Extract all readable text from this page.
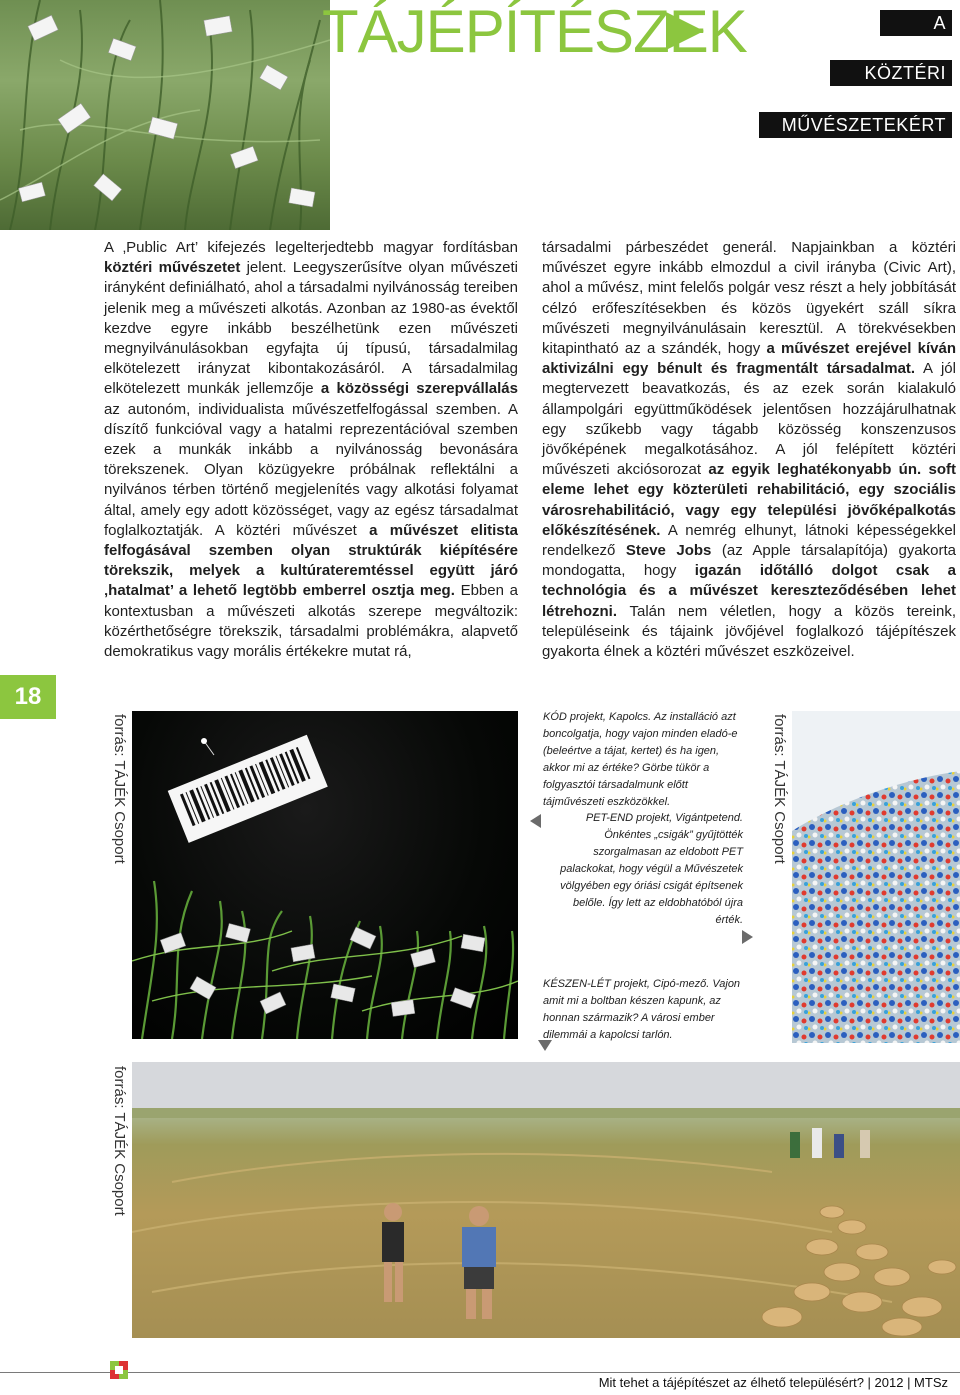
TÁJÉPÍTÉSZEK	A
KÖZTÉRI
MŰVÉSZETEKÉRT
18
A ‚Public Art’ kifejezés legelterjedtebb magyar fordításban köztéri művészetet jelent. Leegyszerűsítve olyan művészeti irányként definiálható, ahol a társadalmi nyilvánosság tereiben jelenik meg a művészeti alkotás. Azonban az 1980-as évektől kezdve egyre inkább beszélhetünk ezen művészeti megnyilvánulásokban egyfajta új típusú, társadalmilag elkötelezett irányzat kibontakozásáról. A társadalmilag elkötelezett munkák jellemzője a közösségi szerepvállalás az autonóm, individualista művészetfelfogással szemben. A díszítő funkcióval vagy a hatalmi reprezentációval szemben ezek a munkák inkább a nyilvánosság bevonására törekszenek. Olyan közügyekre próbálnak reflektálni a nyilvános térben történő megjelenítés vagy alkotási folyamat által, amely egy adott közösséget, vagy az egész társadalmat foglalkoztatják. A köztéri művészet a művészet elitista felfogásával szemben olyan struktúrák kiépítésére törekszik, melyek a kultúrateremtéssel együtt járó ‚hatalmat’ a lehető legtöbb emberrel osztja meg. Ebben a kontextusban a művészeti alkotás szerepe megváltozik: közérthetőségre törekszik, társadalmi problémákra, alapvető demokratikus vagy morális értékekre mutat rá,
társadalmi párbeszédet generál. Napjainkban a köztéri művészet egyre inkább elmozdul a civil irányba (Civic Art), ahol a művész, mint felelős polgár vesz részt a hely jobbítását célzó erőfeszítésekben és közös ügyekért száll síkra művészeti megnyilvánulásain keresztül. A törekvésekben kitapintható az a szándék, hogy a művészet erejével kíván aktivizálni egy bénult és fragmentált társadalmat. A jól megtervezett beavatkozás, és az ezek során kialakuló állampolgári együttműködések jelentősen hozzájárulhatnak egy szűkebb vagy tágabb közösség konszenzusos jövőképének megalkotásához. A jól felépített köztéri művészeti akciósorozat az egyik leghatékonyabb ún. soft eleme lehet egy közterületi rehabilitáció, egy szociális városrehabilitáció, vagy egy települési jövőképalkotás előkészítésének. A nemrég elhunyt, látnoki képességekkel rendelkező Steve Jobs (az Apple társalapítója) gyakorta mondogatta, hogy igazán időtálló dolgot csak a technológia és a művészet kereszteződésében lehet létrehozni. Talán nem véletlen, hogy a közös tereink, településeink és tájaink jövőjével foglalkozó tájépítészek gyakorta élnek a köztéri művészet eszközeivel.
forrás: TÁJÉK Csoport	KÓD projekt, Kapolcs. Az installáció azt boncolgatja, hogy vajon minden eladó-e (beleértve a tájat, kertet) és ha igen, akkor mi az értéke? Görbe tükör a folgyasztói társadalmunk előtt tájművészeti eszközökkel.
PET-END projekt, Vigántpetend. Önkéntes „csigák” gyűjtötték szorgalmasan az eldobott PET palackokat, hogy végül a Művészetek völgyében egy óriási csigát építsenek belőle. Így lett az eldobhatóból újra érték.
KÉSZEN-LÉT projekt, Cipó-mező. Vajon amit mi a boltban készen kapunk, az honnan származik? A városi ember dilemmái a kapolcsi tarlón.
forrás: TÁJÉK Csoport
forrás: TÁJÉK Csoport
Mit tehet a tájépítészet az élhető településért? | 2012 | MTSz
